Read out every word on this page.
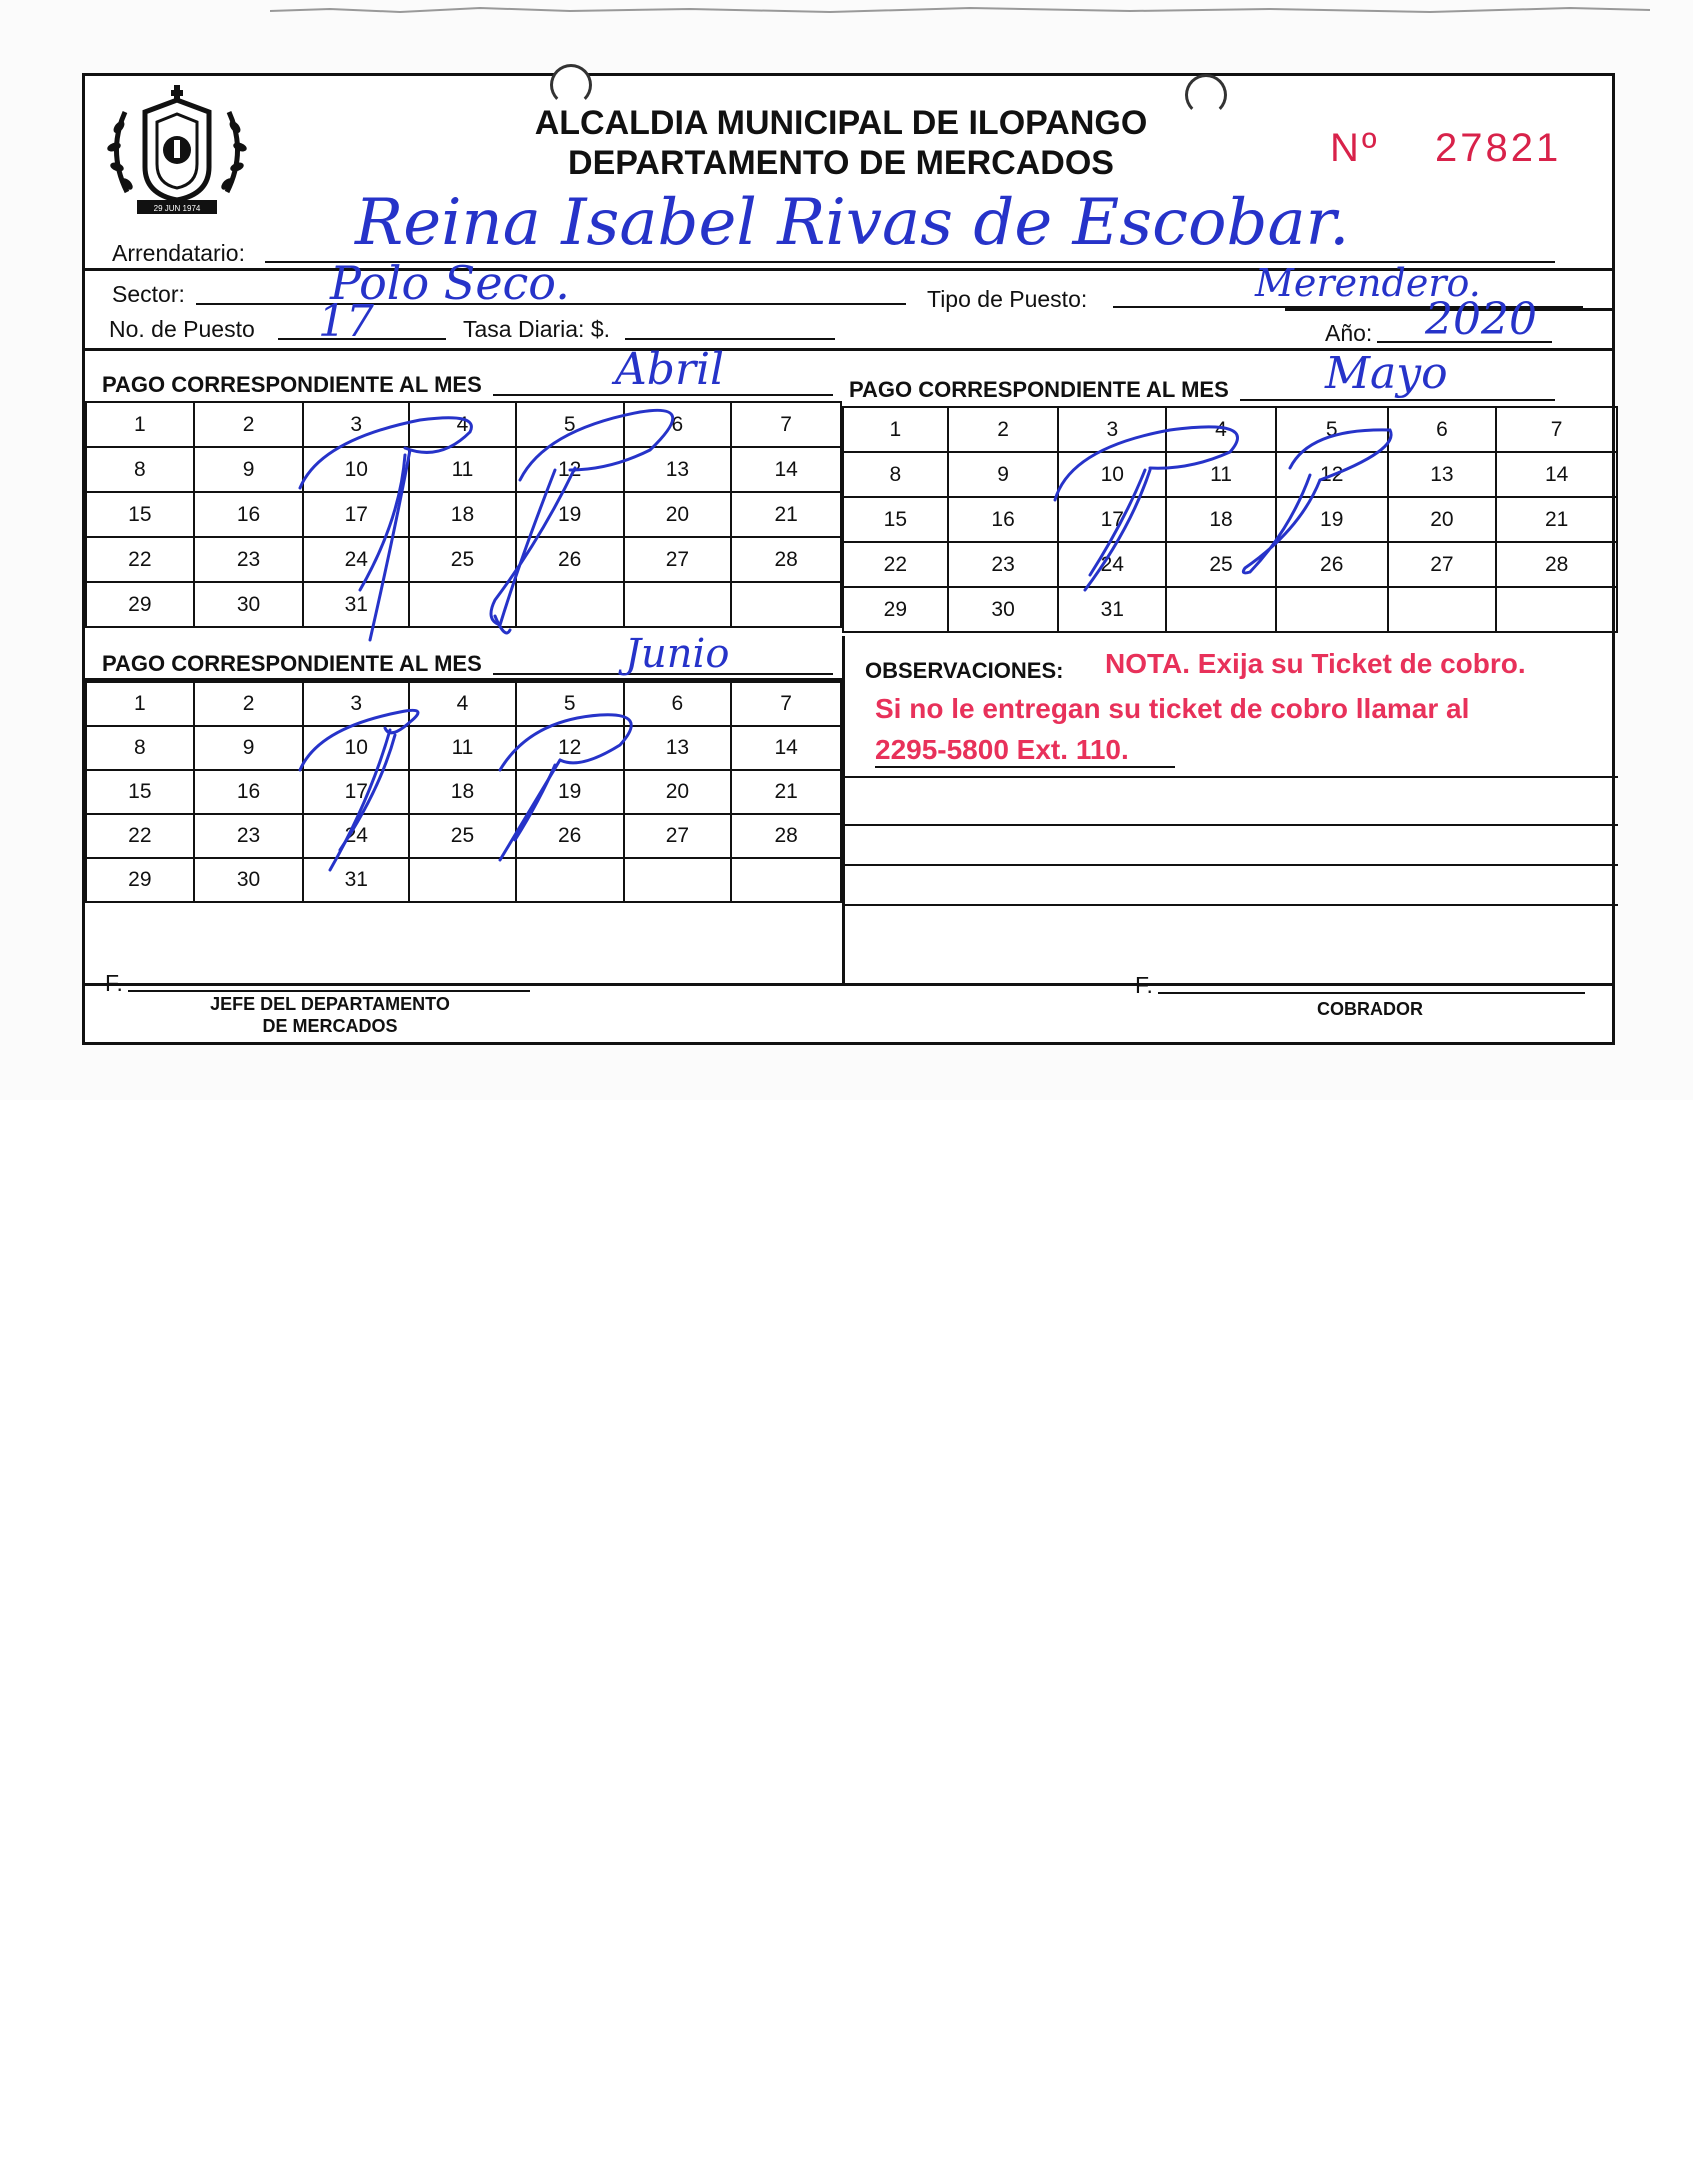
29 JUN 1974
ALCALDIA MUNICIPAL DE ILOPANGO
DEPARTAMENTO DE MERCADOS	Nº 27821
Arrendatario: Reina Isabel Rivas de Escobar.
Sector:	Polo Seco.	Tipo de Puesto:	Merendero.
No. de Puesto 17	Tasa Diaria: $.	Año: 2020
PAGO CORRESPONDIENTE AL MES	Abril	PAGO CORRESPONDIENTE AL MES Mayo
1	2	3	4	5	6	7
8	9	10	11	12	13	14
15	16	17	18	19	20	21
22	23	24	25	26	27	28
29	30	31				
1	2	3	4	5	6	7
8	9	10	11	12	13	14
15	16	17	18	19	20	21
22	23	24	25	26	27	28
29	30	31				
PAGO CORRESPONDIENTE AL MES	Junio
1	2	3	4	5	6	7
8	9	10	11	12	13	14
15	16	17	18	19	20	21
22	23	24	25	26	27	28
29	30	31				
OBSERVACIONES: NOTA. Exija su Ticket de cobro.
Si no le entregan su ticket de cobro llamar al
2295-5800 Ext. 110.
F.
JEFE DEL DEPARTAMENTO
DE MERCADOS
F.
COBRADOR
